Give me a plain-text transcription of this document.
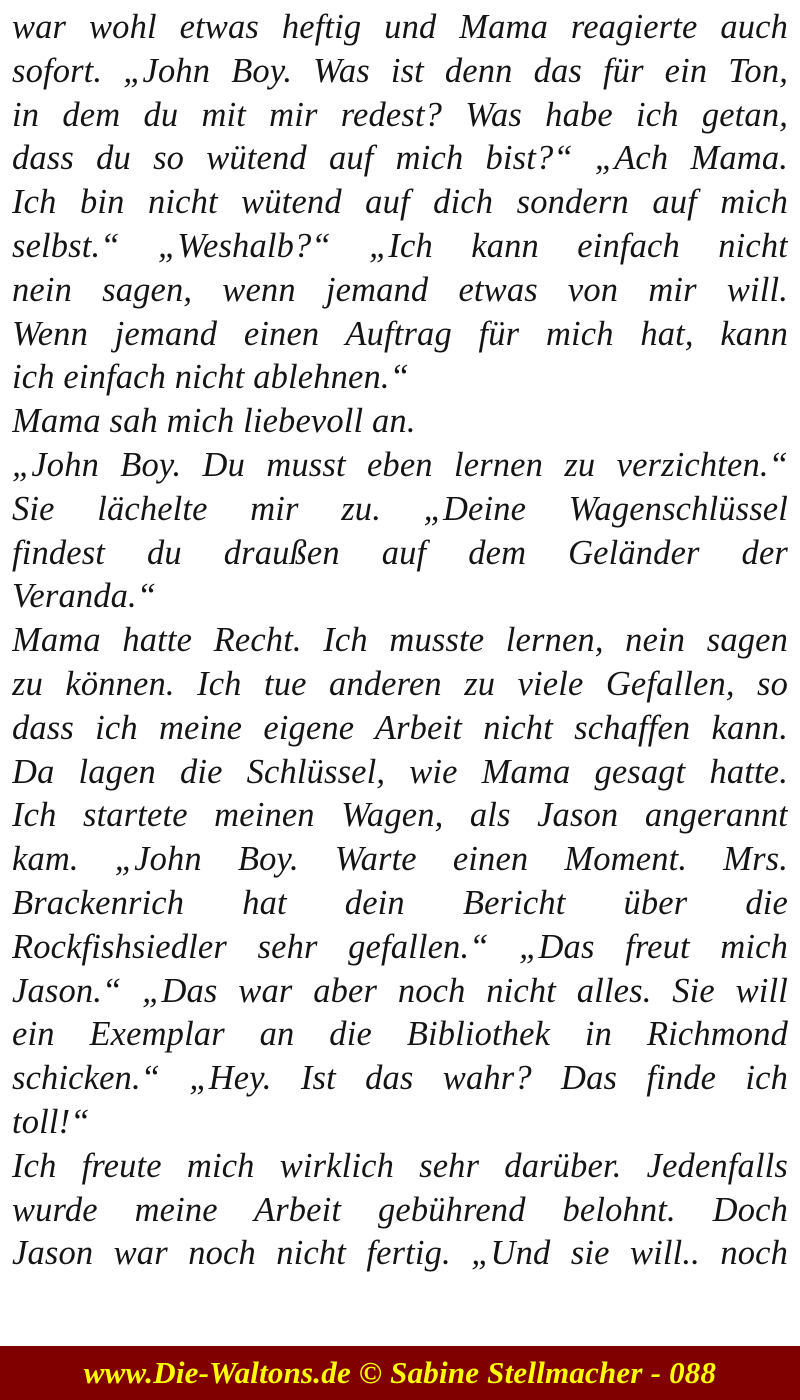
war wohl etwas heftig und Mama reagierte auch
sofort. „John Boy. Was ist denn das für ein Ton,
in dem du mit mir redest? Was habe ich getan,
dass du so wütend auf mich bist?“ „Ach Mama.
Ich bin nicht wütend auf dich sondern auf mich
selbst.“ „Weshalb?“ „Ich kann einfach nicht
nein sagen, wenn jemand etwas von mir will.
Wenn jemand einen Auftrag für mich hat, kann
ich einfach nicht ablehnen.“
Mama sah mich liebevoll an.
„John Boy. Du musst eben lernen zu verzichten.“
Sie lächelte mir zu. „Deine Wagenschlüssel
findest du draußen auf dem Geländer der
Veranda.“
Mama hatte Recht. Ich musste lernen, nein sagen
zu können. Ich tue anderen zu viele Gefallen, so
dass ich meine eigene Arbeit nicht schaffen kann.
Da lagen die Schlüssel, wie Mama gesagt hatte.
Ich startete meinen Wagen, als Jason angerannt
kam. „John Boy. Warte einen Moment. Mrs.
Brackenrich hat dein Bericht über die
Rockfishsiedler sehr gefallen.“ „Das freut mich
Jason.“ „Das war aber noch nicht alles. Sie will
ein Exemplar an die Bibliothek in Richmond
schicken.“ „Hey. Ist das wahr? Das finde ich
toll!“
Ich freute mich wirklich sehr darüber. Jedenfalls
wurde meine Arbeit gebührend belohnt. Doch
Jason war noch nicht fertig. „Und sie will.. noch
www.Die-Waltons.de © Sabine Stellmacher - 088
